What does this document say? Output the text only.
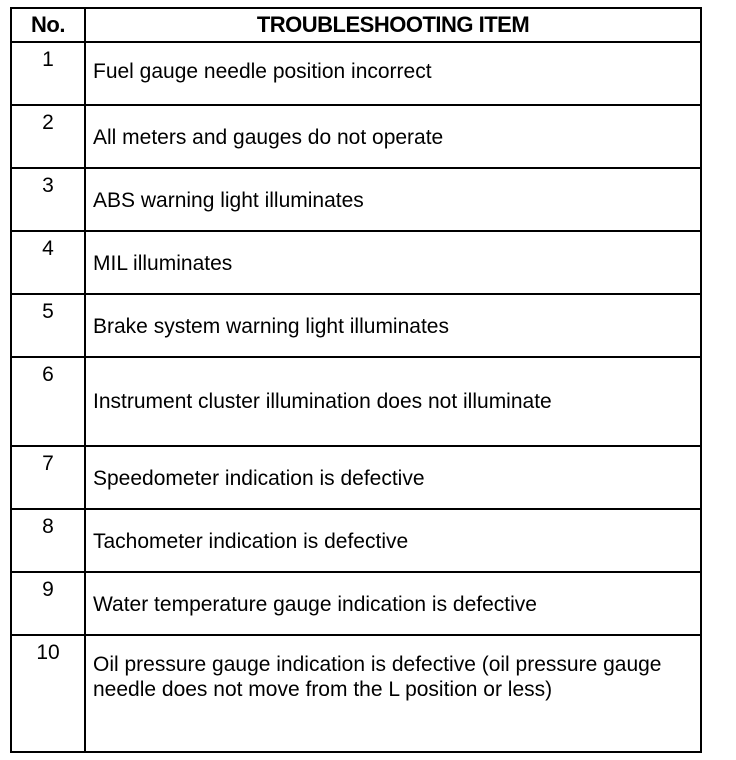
No.	TROUBLESHOOTING ITEM
1	Fuel gauge needle position incorrect
2	All meters and gauges do not operate
3	ABS warning light illuminates
4	MIL illuminates
5	Brake system warning light illuminates
6	Instrument cluster illumination does not illuminate
7	Speedometer indication is defective
8	Tachometer indication is defective
9	Water temperature gauge indication is defective
10	Oil pressure gauge indication is defective (oil pressure gauge needle does not move from the L position or less)
